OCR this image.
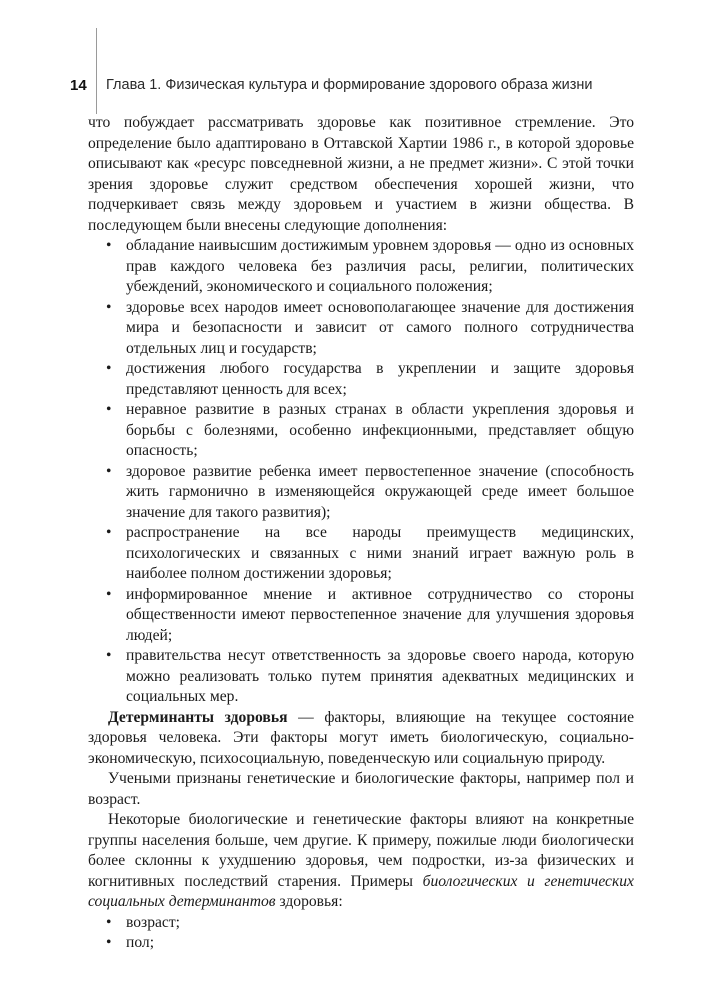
14 Глава 1. Физическая культура и формирование здорового образа жизни

что побуждает рассматривать здоровье как позитивное стремление. Это определение было адаптировано в Оттавской Хартии 1986 г., в которой здоровье описывают как «ресурс повседневной жизни, а не предмет жизни». С этой точки зрения здоровье служит средством обеспечения хорошей жизни, что подчеркивает связь между здоровьем и участием в жизни общества. В последующем были внесены следующие дополнения:

• обладание наивысшим достижимым уровнем здоровья — одно из основных прав каждого человека без различия расы, религии, политических убеждений, экономического и социального положения;
• здоровье всех народов имеет основополагающее значение для достижения мира и безопасности и зависит от самого полного сотрудничества отдельных лиц и государств;
• достижения любого государства в укреплении и защите здоровья представляют ценность для всех;
• неравное развитие в разных странах в области укрепления здоровья и борьбы с болезнями, особенно инфекционными, представляет общую опасность;
• здоровое развитие ребенка имеет первостепенное значение (способность жить гармонично в изменяющейся окружающей среде имеет большое значение для такого развития);
• распространение на все народы преимуществ медицинских, психологических и связанных с ними знаний играет важную роль в наиболее полном достижении здоровья;
• информированное мнение и активное сотрудничество со стороны общественности имеют первостепенное значение для улучшения здоровья людей;
• правительства несут ответственность за здоровье своего народа, которую можно реализовать только путем принятия адекватных медицинских и социальных мер.

Детерминанты здоровья — факторы, влияющие на текущее состояние здоровья человека. Эти факторы могут иметь биологическую, социально-экономическую, психосоциальную, поведенческую или социальную природу.

Учеными признаны генетические и биологические факторы, например пол и возраст.

Некоторые биологические и генетические факторы влияют на конкретные группы населения больше, чем другие. К примеру, пожилые люди биологически более склонны к ухудшению здоровья, чем подростки, из-за физических и когнитивных последствий старения. Примеры биологических и генетических социальных детерминантов здоровья:

• возраст;
• пол;
